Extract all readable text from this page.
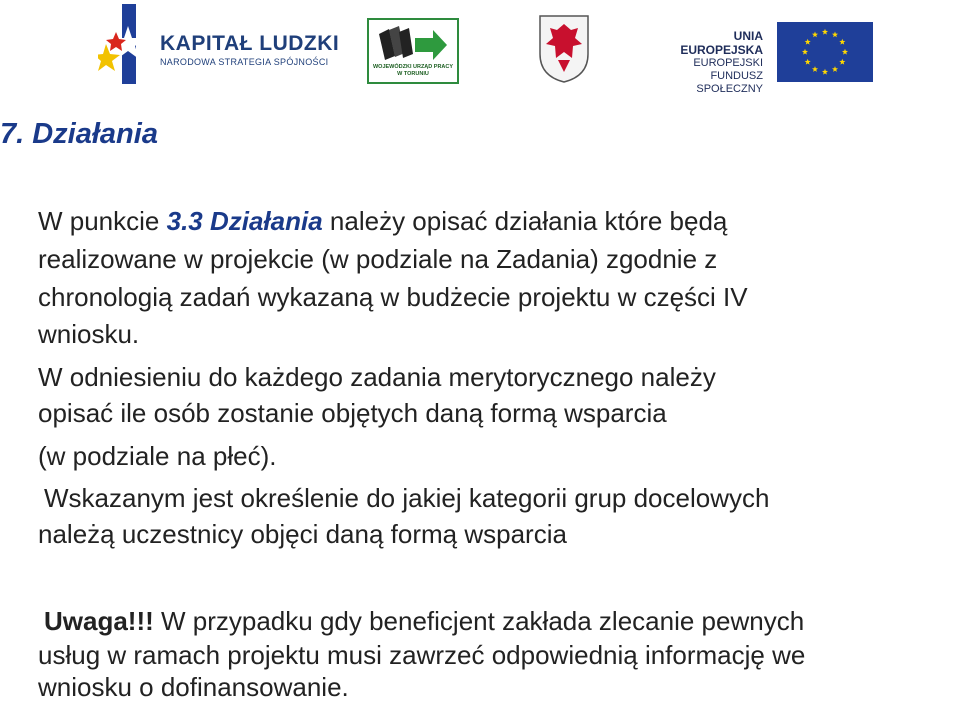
KAPITAŁ LUDZKI
NARODOWA STRATEGIA SPÓJNOŚCI	WOJEWÓDZKI URZĄD PRACY
W TORUNIU
UNIA EUROPEJSKA
EUROPEJSKI
FUNDUSZ SPOŁECZNY
7. Działania
W punkcie 3.3 Działania należy opisać działania które będą
realizowane w projekcie (w podziale na Zadania) zgodnie z
chronologią zadań wykazaną w budżecie projektu w części IV
wniosku.
W odniesieniu do każdego zadania merytorycznego należy
opisać ile osób zostanie objętych daną formą wsparcia
(w podziale na płeć).
Wskazanym jest określenie do jakiej kategorii grup docelowych
należą uczestnicy objęci daną formą wsparcia
Uwaga!!! W przypadku gdy beneficjent zakłada zlecanie pewnych
usług w ramach projektu musi zawrzeć odpowiednią informację we
wniosku o dofinansowanie.
